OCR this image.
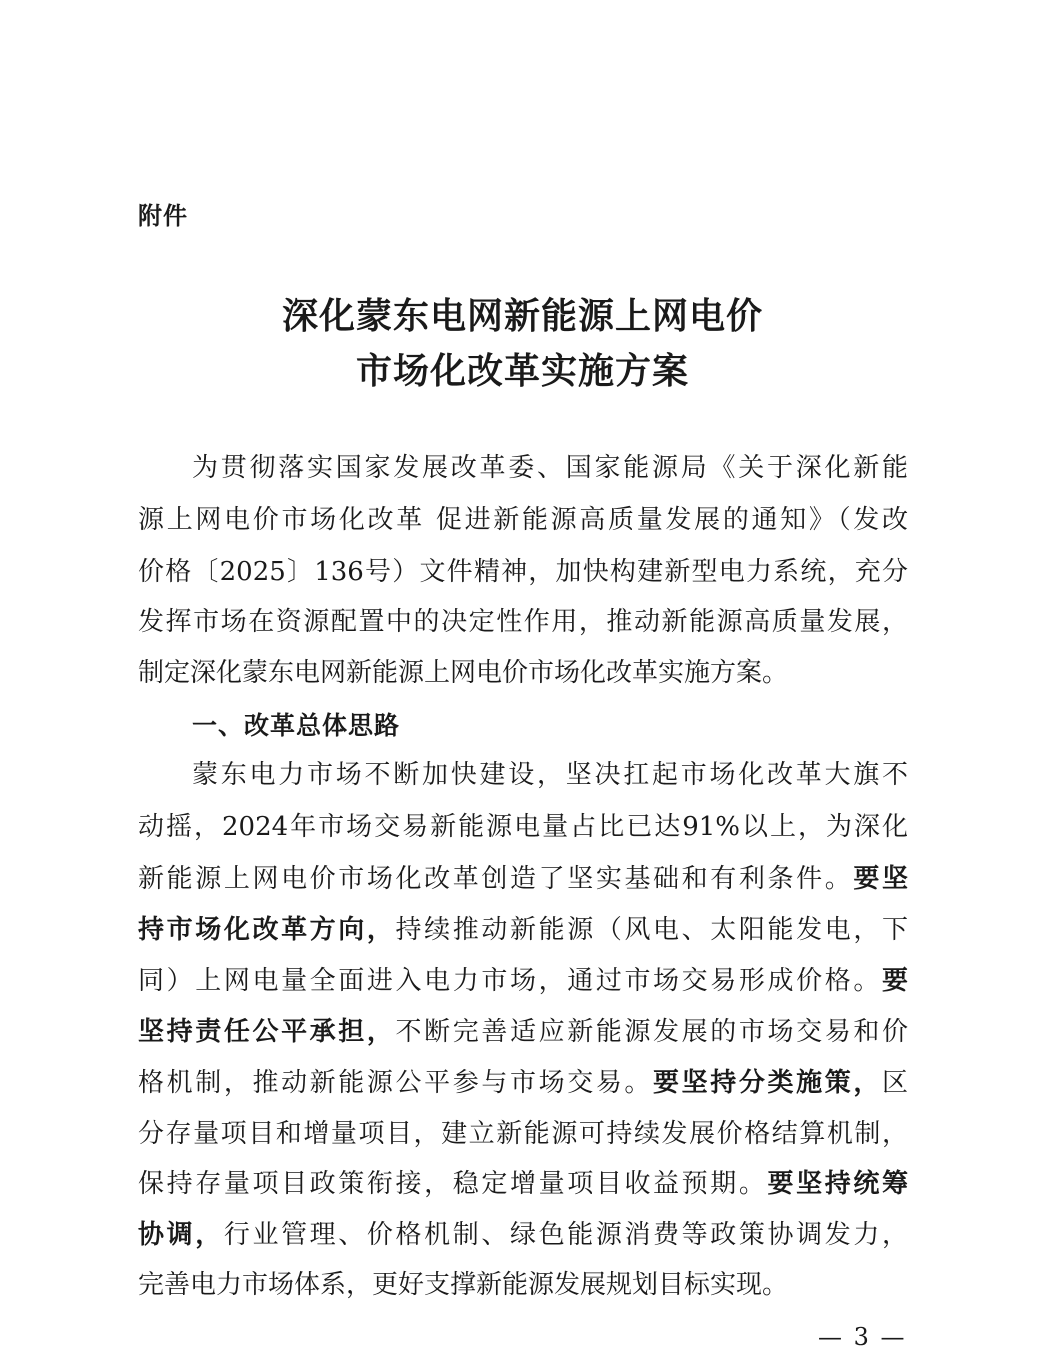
附件
深化蒙东电网新能源上网电价
市场化改革实施方案
为贯彻落实国家发展改革委、国家能源局《关于深化新能
源上网电价市场化改革 促进新能源高质量发展的通知》（发改
价格〔2025〕136号）文件精神，加快构建新型电力系统，充分
发挥市场在资源配置中的决定性作用，推动新能源高质量发展，
制定深化蒙东电网新能源上网电价市场化改革实施方案。
一、改革总体思路
蒙东电力市场不断加快建设，坚决扛起市场化改革大旗不
动摇，2024年市场交易新能源电量占比已达91%以上，为深化
新能源上网电价市场化改革创造了坚实基础和有利条件。要坚
持市场化改革方向，持续推动新能源（风电、太阳能发电，下
同）上网电量全面进入电力市场，通过市场交易形成价格。要
坚持责任公平承担，不断完善适应新能源发展的市场交易和价
格机制，推动新能源公平参与市场交易。要坚持分类施策，区
分存量项目和增量项目，建立新能源可持续发展价格结算机制，
保持存量项目政策衔接，稳定增量项目收益预期。要坚持统筹
协调，行业管理、价格机制、绿色能源消费等政策协调发力，
完善电力市场体系，更好支撑新能源发展规划目标实现。
— 3 —
